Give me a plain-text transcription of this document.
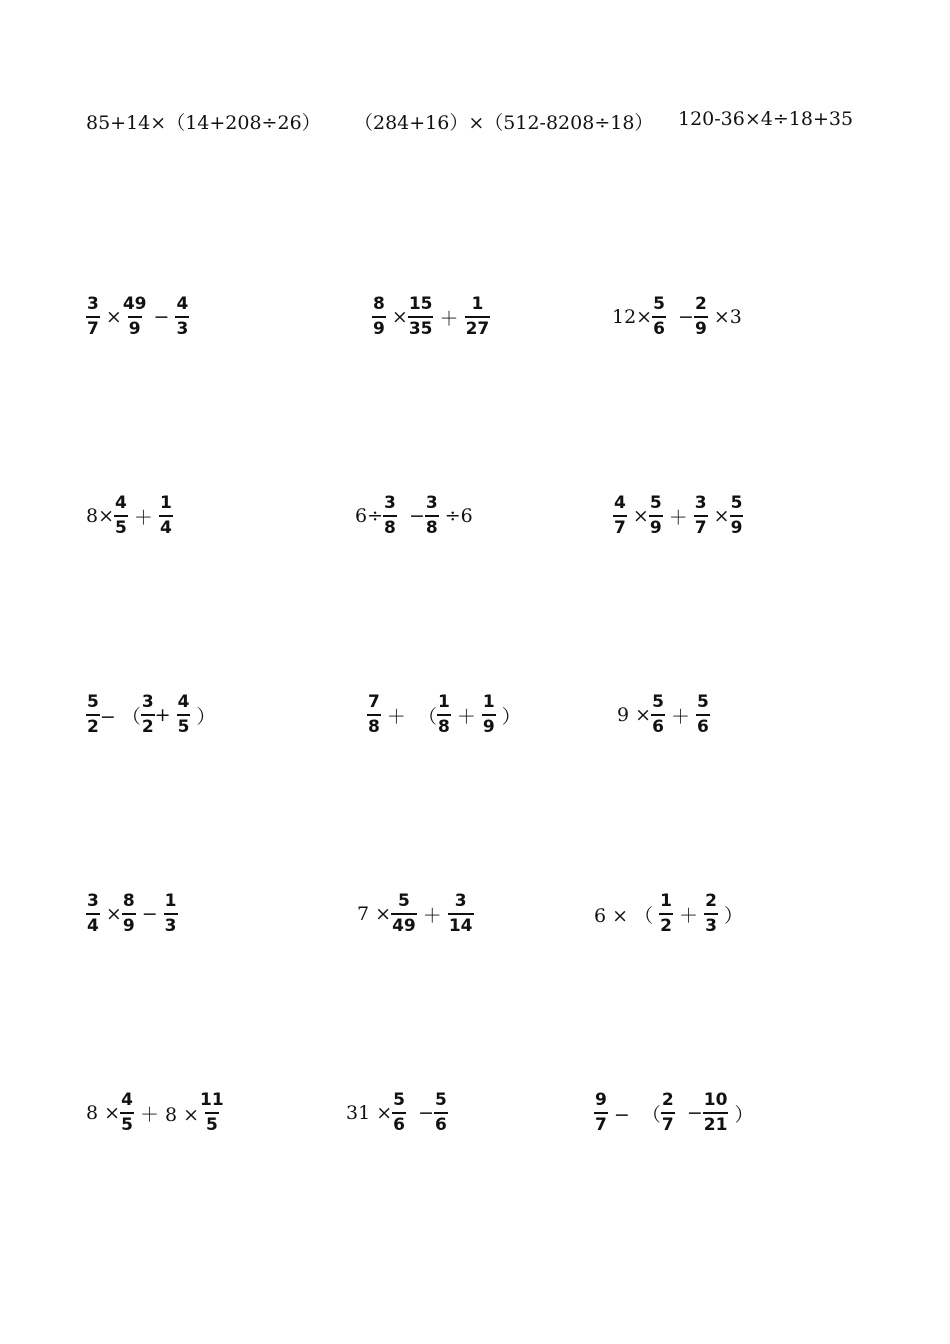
85+14×（14+208÷26） （284+16）×（512-8208÷18） 120-36×4÷18+35
$\frac{3}{7} \times \frac{49}{9} - \frac{4}{3}$	$\frac{8}{9} \times \frac{15}{35} + \frac{1}{27}$	$12\times \frac{5}{6} - \frac{2}{9} \times 3$
$8\times \frac{4}{5} + \frac{1}{4}$	$6\div \frac{3}{8} - \frac{3}{8} \div 6$	$\frac{4}{7} \times \frac{5}{9} + \frac{3}{7} \times \frac{5}{9}$
$\frac{5}{2}$ − （ $\frac{3}{2} + \frac{4}{5}$ ）	$\frac{7}{8}$ ＋  （ $\frac{1}{8} + \frac{1}{9}$ ）	$9 \times \frac{5}{6} + \frac{5}{6}$
$\frac{3}{4} \times \frac{8}{9} - \frac{1}{3}$	$7 \times \frac{5}{49} + \frac{3}{14}$	6 × （ $\frac{1}{2} + \frac{2}{3}$ ）
$8 \times \frac{4}{5} + 8 \times \frac{11}{5}$	$31 \times \frac{5}{6} - \frac{5}{6}$	$\frac{9}{7}$ −  （ $\frac{2}{7} - \frac{10}{21}$ ）
